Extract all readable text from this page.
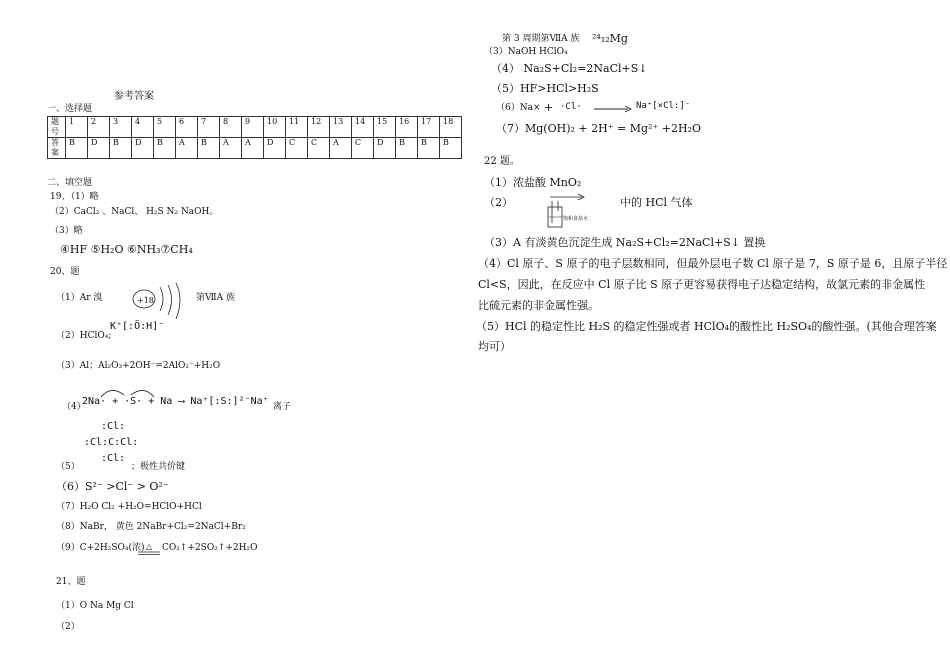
参考答案
一、选择题
题号	1	2	3	4	5	6	7	8	9	10	11	12	13	14	15	16	17	18
答案	B	D	B	D	B	A	B	A	A	D	C	C	A	C	D	B	B	B
二、填空题
19、（1）略
（2）CaCl₂ 、NaCl、 H₂S N₂ NaOH。
（3）略
④HF ⑤H₂O ⑥NH₃⑦CH₄
20、题
（1）Ar 溴	+18	第ⅦA 族
K⁺[:Ö:H]⁻
（2）HClO₄;
（3）Al；Al₂O₃+2OH⁻=2AlO₂⁻+H₂O
（4）
2Na· + ·S· + Na ⟶ Na⁺[:S:]²⁻Na⁺ 离子
:Cl:
:Cl:C:Cl:
:Cl:
（5）	；极性共价键
（6）S²⁻ >Cl⁻ > O²⁻
（7）H₂O Cl₂ +H₂O=HClO+HCl
（8）NaBr， 黄色 2NaBr+Cl₂=2NaCl+Br₂
（9）C+2H₂SO₄(浓) △ CO₂↑+2SO₂↑+2H₂O
21、题
（1）O Na Mg Cl
（2）
第 3 周期第ⅦA 族 ²⁴₁₂Mg
（3）NaOH HClO₄
（4） Na₂S+Cl₂=2NaCl+S↓
（5）HF>HCl>H₂S
（6）Na× + ·Cl·	Na⁺[×Cl:]⁻
（7）Mg(OH)₂ + 2H⁺ = Mg²⁺ +2H₂O
22 题。
（1）浓盐酸 MnO₂
（2）
饱和食盐水
中的 HCl 气体
（3）A 有淡黄色沉淀生成 Na₂S+Cl₂=2NaCl+S↓ 置换
（4）Cl 原子、S 原子的电子层数相同，但最外层电子数 Cl 原子是 7，S 原子是 6，且原子半径
Cl<S，因此，在反应中 Cl 原子比 S 原子更容易获得电子达稳定结构，故氯元素的非金属性
比硫元素的非金属性强。
（5）HCl 的稳定性比 H₂S 的稳定性强或者 HClO₄的酸性比 H₂SO₄的酸性强。(其他合理答案
均可）
